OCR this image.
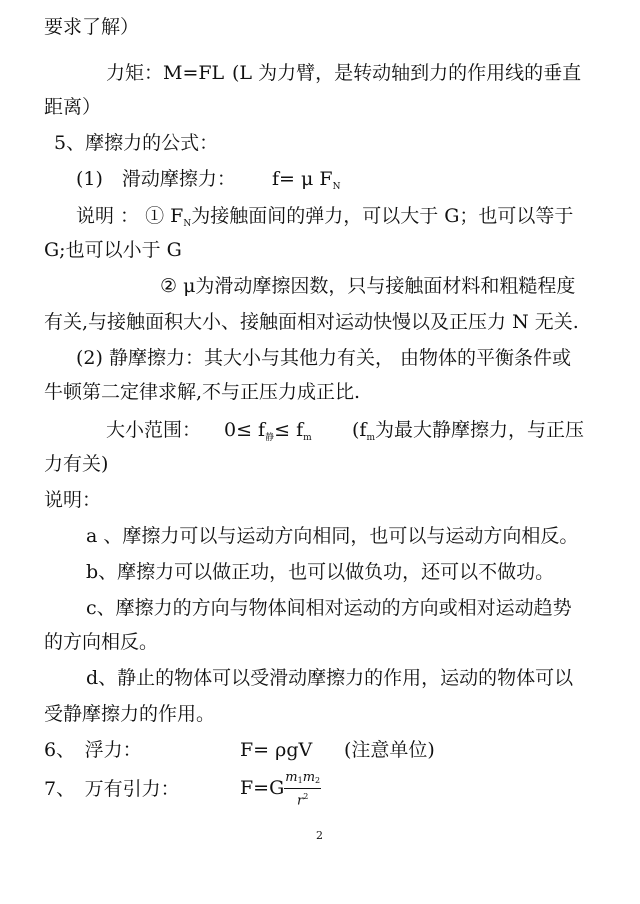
要求了解）
力矩：M=FL (L 为力臂，是转动轴到力的作用线的垂直
距离）
5、摩擦力的公式：
(1)　滑动摩擦力： f= μ $F_N$
说明 ： ① $F_N$为接触面间的弹力，可以大于 G；也可以等于
G;也可以小于 G
② μ为滑动摩擦因数，只与接触面材料和粗糙程度
有关,与接触面积大小、接触面相对运动快慢以及正压力 N 无关.
(2) 静摩擦力：其大小与其他力有关， 由物体的平衡条件或
牛顿第二定律求解,不与正压力成正比.
大小范围： $0\le f_静\le f_m$ ($f_m$为最大静摩擦力，与正压
力有关)
说明：
a 、摩擦力可以与运动方向相同，也可以与运动方向相反。
b、摩擦力可以做正功，也可以做负功，还可以不做功。
c、摩擦力的方向与物体间相对运动的方向或相对运动趋势
的方向相反。
d、静止的物体可以受滑动摩擦力的作用，运动的物体可以
受静摩擦力的作用。
6、　浮力：	F= ρgV (注意单位)
7、　万有引力：	$F=G \frac{m1m2}{r^2}$
2
